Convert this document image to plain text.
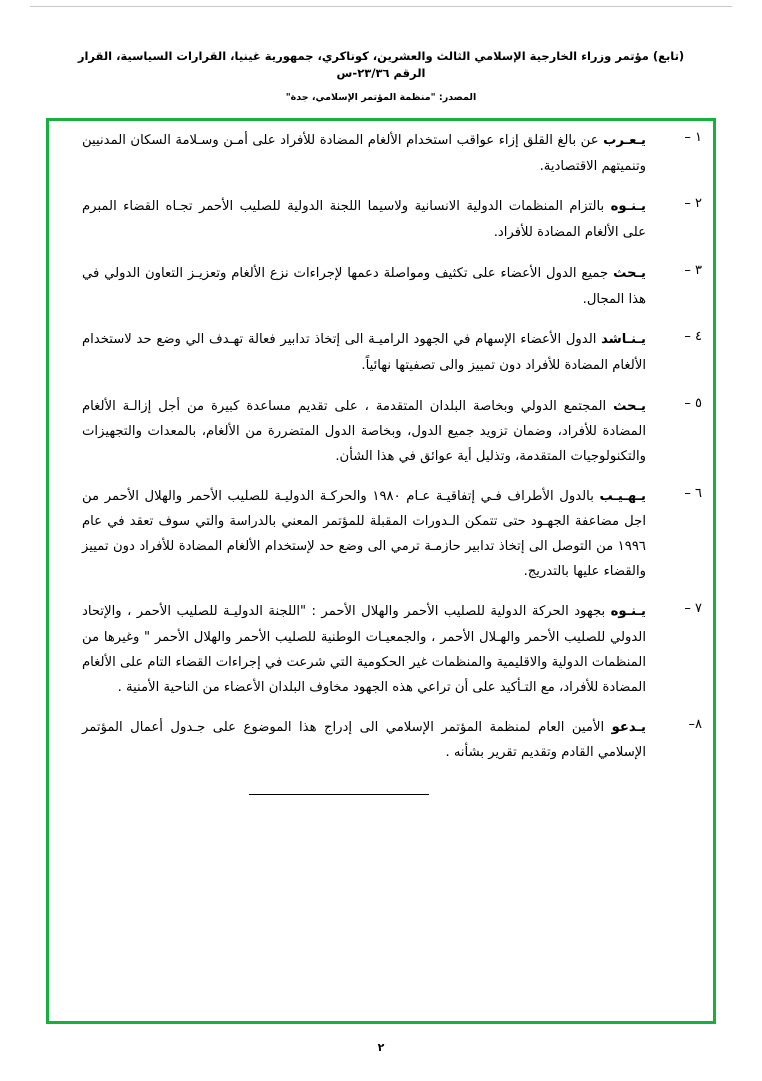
(تابع) مؤتمر وزراء الخارجية الإسلامي الثالث والعشرين، كوناكري، جمهورية غينيا، القرارات السياسية، القرار الرقم ٢٣/٣٦-س
المصدر: "منظمة المؤتمر الإسلامي، جدة"
١ –
يـعـرب عن بالغ القلق إزاء عواقب استخدام الألغام المضادة للأفراد على أمـن وسـلامة السكان المدنيين وتنميتهم الاقتصادية.
٢ –
يـنـوه بالتزام المنظمات الدولية الانسانية ولاسيما اللجنة الدولية للصليب الأحمر تجـاه القضاء المبرم على الألغام المضادة للأفراد.
٣ –
يـحث جميع الدول الأعضاء على تكثيف ومواصلة دعمها لإجراءات نزع الألغام وتعزيـز التعاون الدولي في هذا المجال.
٤ –
يـنـاشد الدول الأعضاء الإسهام في الجهود الراميـة الى إتخاذ تدابير فعالة تهـدف الي وضع حد لاستخدام الألغام المضادة للأفراد دون تمييز والى تصفيتها نهائياً.
٥ –
يـحث المجتمع الدولي وبخاصة البلدان المتقدمة ، على تقديم مساعدة كبيرة من أجل إزالـة الألغام المضادة للأفراد، وضمان تزويد جميع الدول، وبخاصة الدول المتضررة من الألغام، بالمعدات والتجهيزات والتكنولوجيات المتقدمة، وتذليل أية عوائق في هذا الشأن.
٦ –
يـهـيـب بالدول الأطراف فـي إتفاقيـة عـام ١٩٨٠ والحركـة الدوليـة للصليب الأحمر والهلال الأحمر من اجل مضاعفة الجهـود حتى تتمكن الـدورات المقبلة للمؤتمر المعني بالدراسة والتي سوف تعقد في عام ١٩٩٦ من التوصل الى إتخاذ تدابير حازمـة ترمي الى وضع حد لإستخدام الألغام المضادة للأفراد دون تمييز والقضاء عليها بالتدريج.
٧ –
يـنـوه بجهود الحركة الدولية للصليب الأحمر والهلال الأحمر : "اللجنة الدوليـة للصليب الأحمر ، والإتحاد الدولي للصليب الأحمر والهـلال الأحمر ، والجمعيـات الوطنية للصليب الأحمر والهلال الأحمر " وغيرها من المنظمات الدولية والاقليمية والمنظمات غير الحكومية التي شرعت في إجراءات القضاء التام على الألغام المضادة للأفراد، مع التـأكيد على أن تراعي هذه الجهود مخاوف البلدان الأعضاء من الناحية الأمنية .
٨–
يـدعو الأمين العام لمنظمة المؤتمر الإسلامي الى إدراج هذا الموضوع على جـدول أعمال المؤتمر الإسلامي القادم وتقديم تقرير بشأنه .
٢
